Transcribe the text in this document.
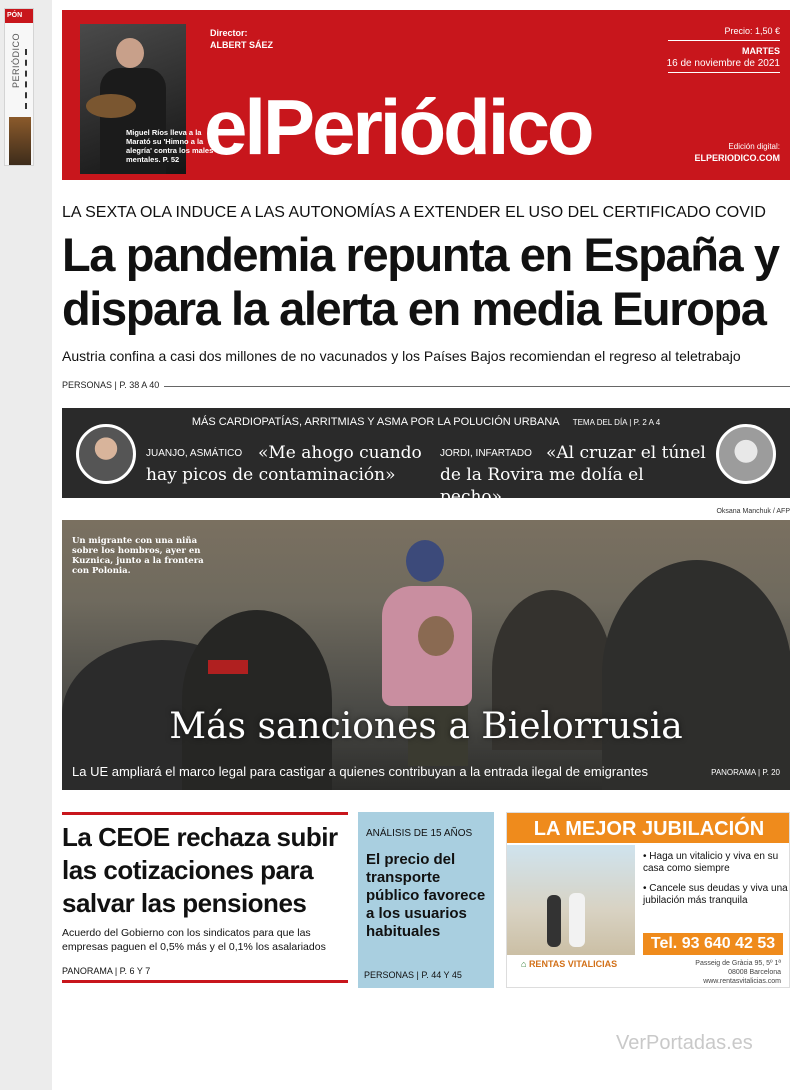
PÓN
PERIÓDICO
Miguel Ríos lleva a la Marató su 'Himno a la alegría' contra los males mentales. P. 52
Director:
ALBERT SÁEZ
elPeriódico
Precio: 1,50 €
MARTES
16 de noviembre de 2021
Edición digital:
ELPERIODICO.COM
LA SEXTA OLA INDUCE A LAS AUTONOMÍAS A EXTENDER EL USO DEL CERTIFICADO COVID
La pandemia repunta en España y dispara la alerta en media Europa
Austria confina a casi dos millones de no vacunados y los Países Bajos recomiendan el regreso al teletrabajo
PERSONAS | P. 38 A 40
MÁS CARDIOPATÍAS, ARRITMIAS Y ASMA POR LA POLUCIÓN URBANA TEMA DEL DÍA | P. 2 A 4
JUANJO, ASMÁTICO «Me ahogo cuando hay picos de contaminación»
JORDI, INFARTADO «Al cruzar el túnel de la Rovira me dolía el pecho»
Oksana Manchuk / AFP
Un migrante con una niña sobre los hombros, ayer en Kuznica, junto a la frontera con Polonia.
Más sanciones a Bielorrusia
La UE ampliará el marco legal para castigar a quienes contribuyan a la entrada ilegal de emigrantes	PANORAMA | P. 20
La CEOE rechaza subir las cotizaciones para salvar las pensiones
Acuerdo del Gobierno con los sindicatos para que las empresas paguen el 0,5% más y el 0,1% los asalariados
PANORAMA | P. 6 Y 7
ANÁLISIS DE 15 AÑOS
El precio del transporte público favorece a los usuarios habituales
PERSONAS | P. 44 Y 45
LA MEJOR JUBILACIÓN
• Haga un vitalicio y viva en su casa como siempre
• Cancele sus deudas y viva una jubilación más tranquila
Tel. 93 640 42 53
⌂ RENTAS VITALICIAS	Passeig de Gràcia 95, 5º 1ª
08008 Barcelona
www.rentasvitalicias.com
VerPortadas.es
